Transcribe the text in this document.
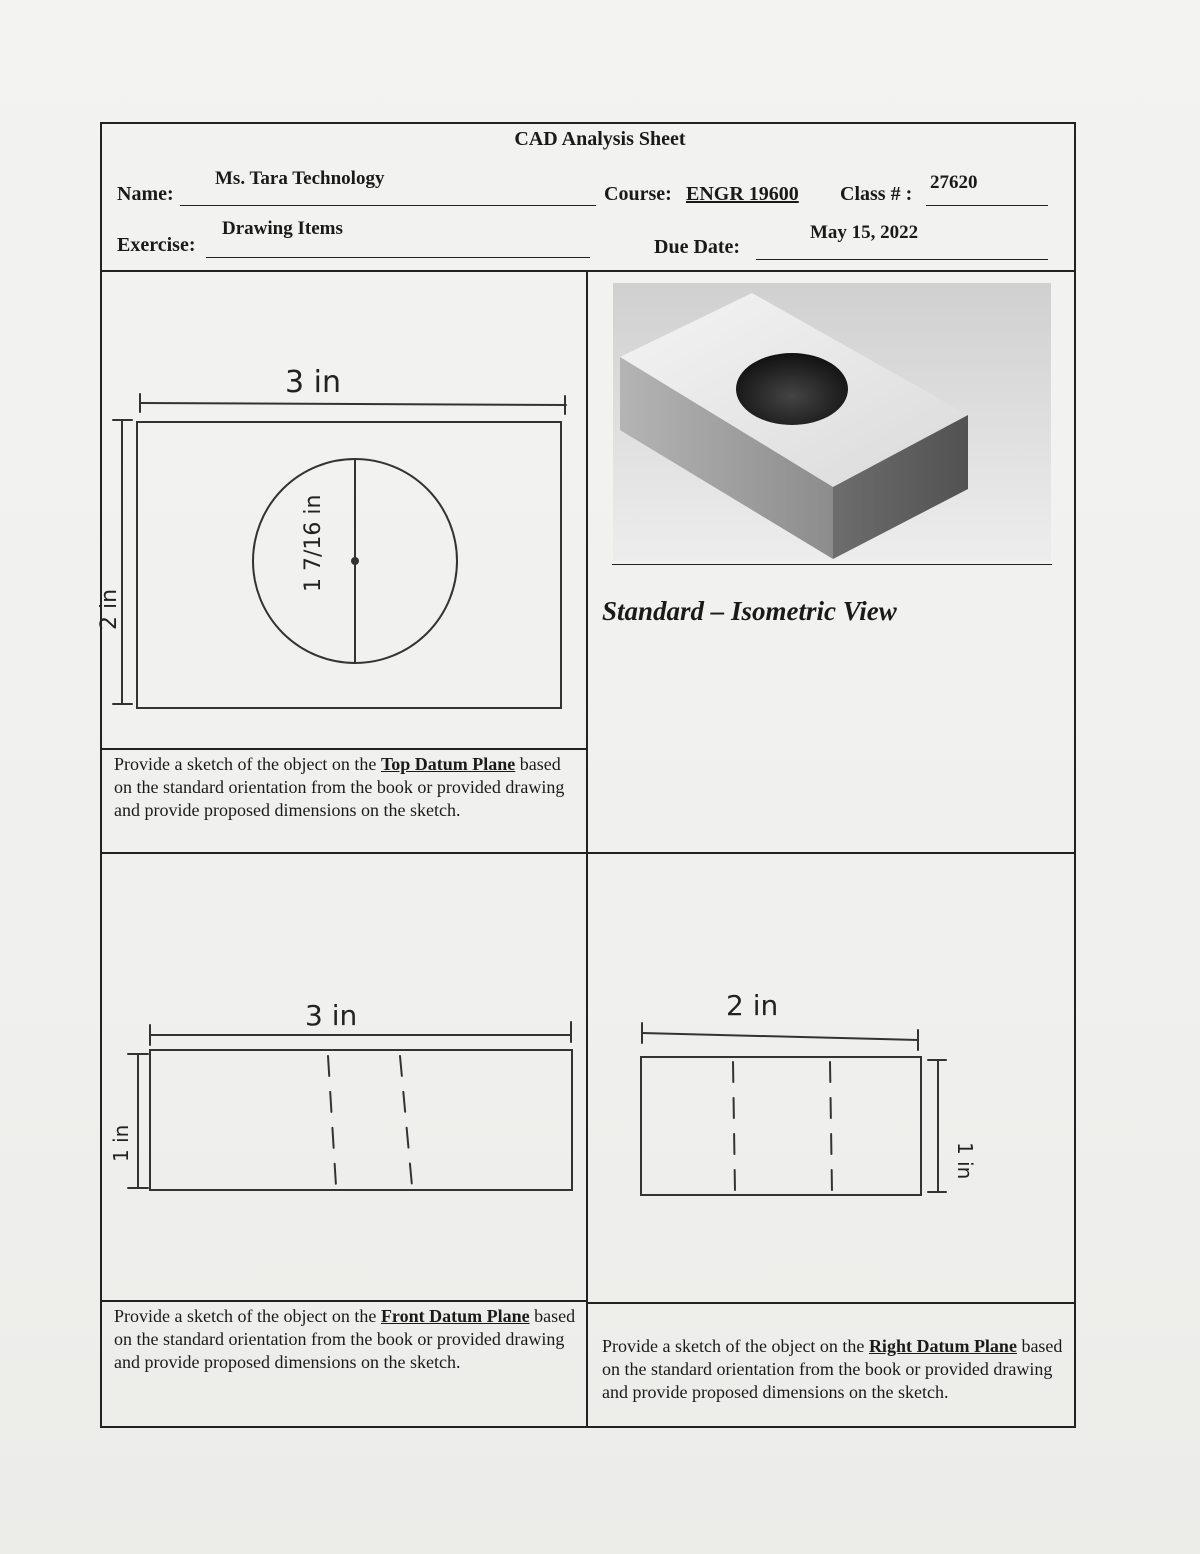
CAD Analysis Sheet
Name:
Ms. Tara Technology
Course: ENGR 19600 Class # :
27620
Exercise:
Drawing Items
Due Date:
May 15, 2022
Standard – Isometric View
3 in
2 in
1 7/16 in
3 in
1 in
2 in
1 in
Provide a sketch of the object on the Top Datum Plane based on the standard orientation from the book or provided drawing and provide proposed dimensions on the sketch.
Provide a sketch of the object on the Front Datum Plane based on the standard orientation from the book or provided drawing and provide proposed dimensions on the sketch.
Provide a sketch of the object on the Right Datum Plane based on the standard orientation from the book or provided drawing and provide proposed dimensions on the sketch.
